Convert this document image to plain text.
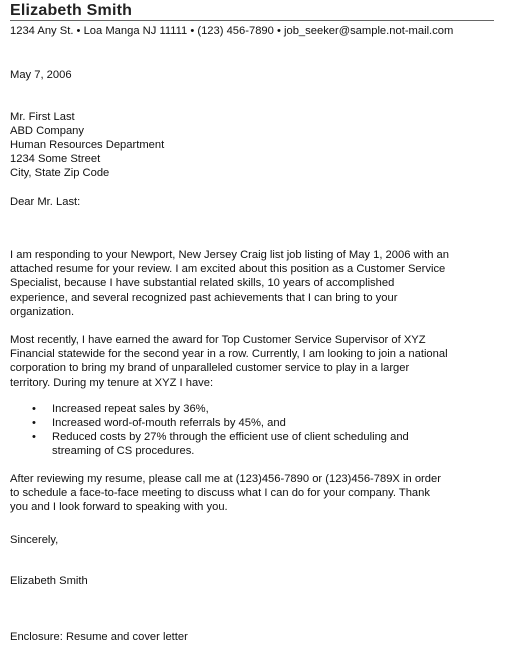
Elizabeth Smith
1234 Any St. • Loa Manga NJ 11111 • (123) 456-7890 • job_seeker@sample.not-mail.com
May 7, 2006
Mr. First Last
ABD Company
Human Resources Department
1234 Some Street
City, State Zip Code
Dear Mr. Last:
I am responding to your Newport, New Jersey Craig list job listing of May 1, 2006 with an
attached resume for your review. I am excited about this position as a Customer Service
Specialist, because I have substantial related skills, 10 years of accomplished
experience, and several recognized past achievements that I can bring to your
organization.
Most recently, I have earned the award for Top Customer Service Supervisor of XYZ
Financial statewide for the second year in a row. Currently, I am looking to join a national
corporation to bring my brand of unparalleled customer service to play in a larger
territory. During my tenure at XYZ I have:
• Increased repeat sales by 36%,
• Increased word-of-mouth referrals by 45%, and
• Reduced costs by 27% through the efficient use of client scheduling and
streaming of CS procedures.
After reviewing my resume, please call me at (123)456-7890 or (123)456-789X in order
to schedule a face-to-face meeting to discuss what I can do for your company. Thank
you and I look forward to speaking with you.
Sincerely,
Elizabeth Smith
Enclosure: Resume and cover letter
